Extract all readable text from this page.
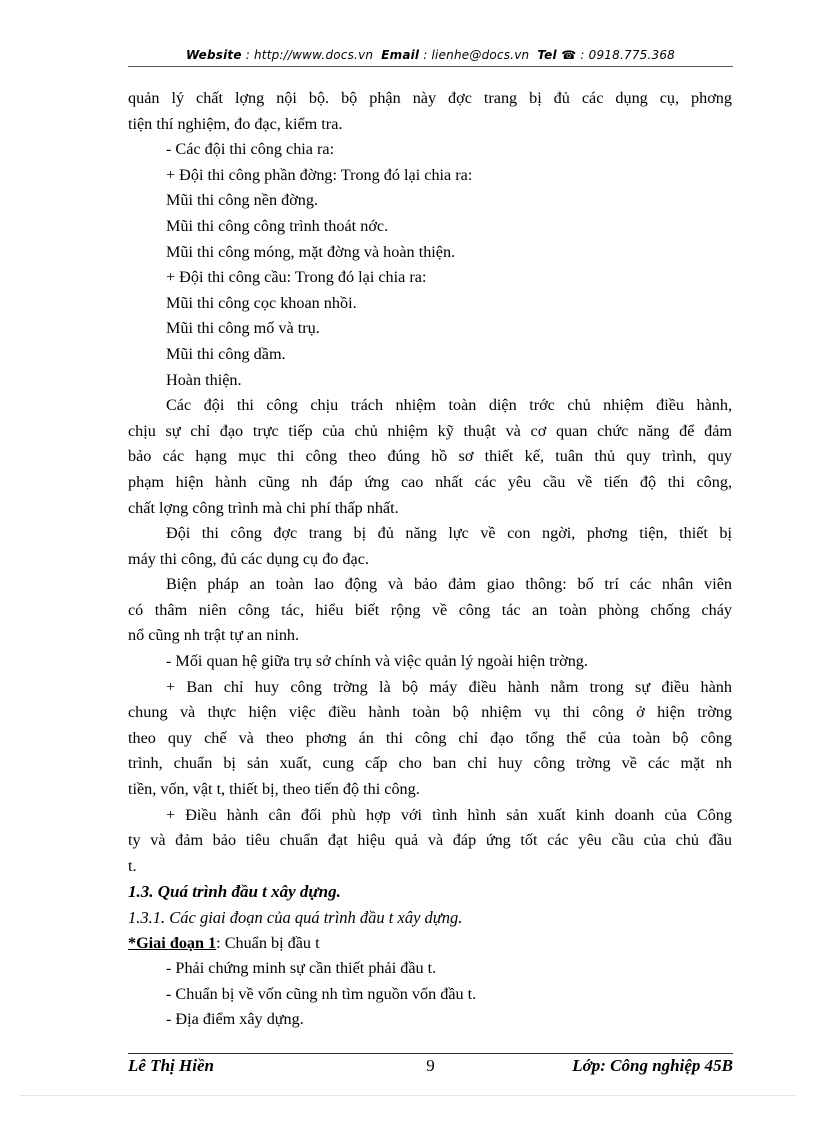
Website : http://www.docs.vn Email : lienhe@docs.vn Tel ☎ : 0918.775.368

quản lý chất lợng nội bộ. bộ phận này đợc trang bị đủ các dụng cụ, phơng

tiện thí nghiệm, đo đạc, kiểm tra.

- Các đội thi công chia ra:

+ Đội thi công phần đờng: Trong đó lại chia ra:

Mũi thi công nền đờng.

Mũi thi công công trình thoát nớc.

Mũi thi công móng, mặt đờng và hoàn thiện.

+ Đội thi công cầu: Trong đó lại chia ra:

Mũi thi công cọc khoan nhồi.

Mũi thi công mố và trụ.

Mũi thi công dầm.

Hoàn thiện.

Các đội thi công chịu trách nhiệm toàn diện trớc chủ nhiệm điều hành,

chịu sự chỉ đạo trực tiếp của chủ nhiệm kỹ thuật và cơ quan chức năng để đảm

bảo các hạng mục thi công theo đúng hồ sơ thiết kế, tuân thủ quy trình, quy

phạm hiện hành cũng nh đáp ứng cao nhất các yêu cầu về tiến độ thi công,

chất lợng công trình mà chi phí thấp nhất.

Đội thi công đợc trang bị đủ năng lực về con ngời, phơng tiện, thiết bị

máy thi công, đủ các dụng cụ đo đạc.

Biện pháp an toàn lao động và bảo đảm giao thông: bố trí các nhân viên

có thâm niên công tác, hiểu biết rộng về công tác an toàn phòng chống cháy

nổ cũng nh trật tự an ninh.

- Mối quan hệ giữa trụ sở chính và việc quản lý ngoài hiện trờng.

+ Ban chỉ huy công trờng là bộ máy điều hành nằm trong sự điều hành

chung và thực hiện việc điều hành toàn bộ nhiệm vụ thi công ở hiện trờng

theo quy chế và theo phơng án thi công chỉ đạo tổng thể của toàn bộ công

trình, chuẩn bị sản xuất, cung cấp cho ban chỉ huy công trờng về các mặt nh

tiền, vốn, vật t, thiết bị, theo tiến độ thi công.

+ Điều hành cân đối phù hợp với tình hình sản xuất kinh doanh của Công

ty và đảm bảo tiêu chuẩn đạt hiệu quả và đáp ứng tốt các yêu cầu của chủ đầu

t.

1.3. Quá trình đầu t xây dựng.

1.3.1. Các giai đoạn của quá trình đầu t xây dựng.

*Giai đoạn 1: Chuẩn bị đầu t

- Phải chứng minh sự cần thiết phải đầu t.

- Chuẩn bị về vốn cũng nh tìm nguồn vốn đầu t.

- Địa điểm xây dựng.

Lê Thị Hiền	9	Lớp: Công nghiệp 45B
